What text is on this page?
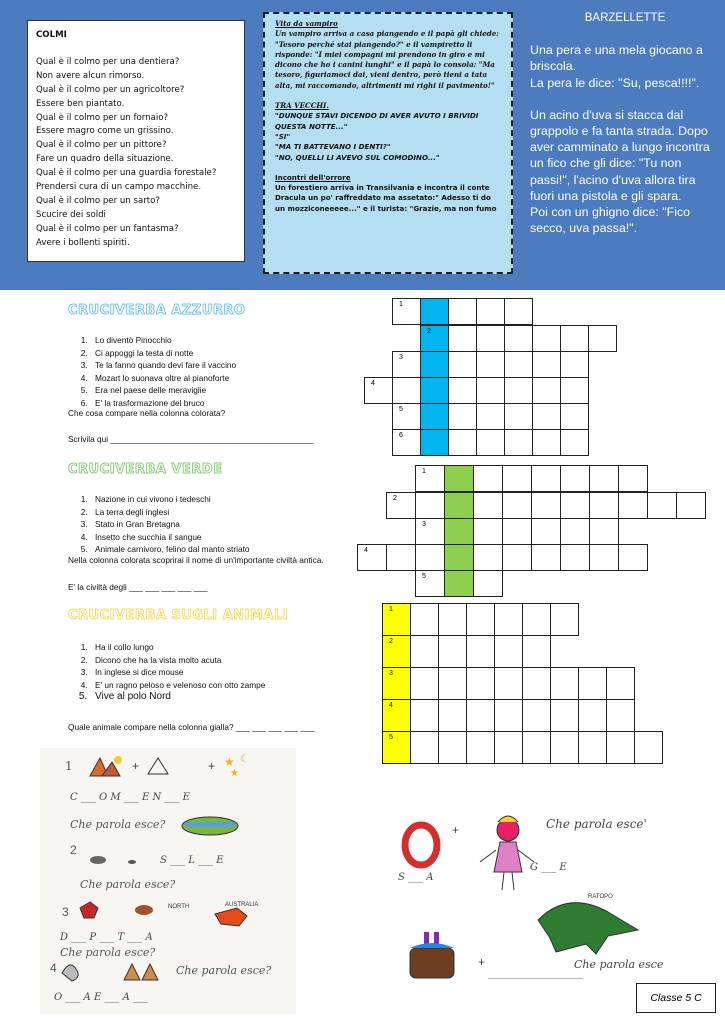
COLMI
Qual è il colmo per una dentiera?
Non avere alcun rimorso.
Qual è il colmo per un agricoltore?
Essere ben piantato.
Qual è il colmo per un fornaio?
Essere magro come un grissino.
Qual è il colmo per un pittore?
Fare un quadro della situazione.
Qual è il colmo per una guardia forestale?
Prendersi cura di un campo macchine.
Qual è il colmo per un sarto?
Scucire dei soldi
Qual è il colmo per un fantasma?
Avere i bollenti spiriti.
Vita da vampiro
Un vampiro arriva a casa piangendo e il papà gli chiede: "Tesoro perché stai piangendo?" e il vampiretto li risponde: "I miei compagni mi prendono in giro e mi dicono che ho i canini lunghi" e il papà lo consola: "Ma tesoro, figuriamoci dai, vieni dentro, però tieni a tata alta, mi raccomando, altrimenti mi righi il pavimento!"
TRA VECCHI.
"DUNQUE STAVI DICENDO DI AVER AVUTO I BRIVIDI QUESTA NOTTE..."
"SI"
"MA TI BATTEVANO I DENTI?"
"NO, QUELLI LI AVEVO SUL COMODINO..."
Incontri dell'orrore
Un forestiero arriva in Transilvania e incontra il conte Dracula un po' raffreddato ma assetato:" Adesso ti do un mozziconeeeee..." e il turista: "Grazie, ma non fumo
BARZELLETTE
Una pera e una mela giocano a briscola.
La pera le dice: "Su, pesca!!!!".
Un acino d'uva si stacca dal grappolo e fa tanta strada. Dopo aver camminato a lungo incontra un fico che gli dice: "Tu non passi!", l'acino d'uva allora tira fuori una pistola e gli spara.
Poi con un ghigno dice: "Fico secco, uva passa!".
CRUCIVERBA AZZURRO
1. Lo diventò Pinocchio
2. Ci appoggi la testa di notte
3. Te la fanno quando devi fare il vaccino
4. Mozart lo suonava oltre al pianoforte
5. Era nel paese delle meraviglie
6. E' la trasformazione del bruco
Che cosa compare nella colonna colorata?
Scrivila qui ____________________________________________
1
2
3
4
5
6
CRUCIVERBA VERDE
1. Nazione in cui vivono i tedeschi
2. La terra degli inglesi
3. Stato in Gran Bretagna
4. Insetto che succhia il sangue
5. Animale carnivoro, felino dal manto striato
Nella colonna colorata scoprirai il nome di un'importante civiltà antica.
E' la civiltà degli ___ ___ ___ ___ ___
1
2
3
4
5
CRUCIVERBA SUGLI ANIMALI
1. Ha il collo lungo
2. Dicono che ha la vista molto acuta
3. In inglese si dice mouse
4. E' un ragno peloso e velenoso con otto zampe
5. Vive al polo Nord
Quale animale compare nella colonna gialla? ___ ___ ___ ___ ___
1
2
3
4
5
1	+	+ ★ ☾
★
C ___ O M ___ E N ___ E
Che parola esce?
2
S ___ L ___ E
Che parola esce?
3	NORTH	AUSTRALIA
D ___ P ___ T ___ A
Che parola esce?
4	Che parola esce?
O ___ A E ___ A ___
+	Che parola esce'
S ___ A
G ___ E
RATOPO
+
___________________
Che parola esce ?
Classe 5 C
